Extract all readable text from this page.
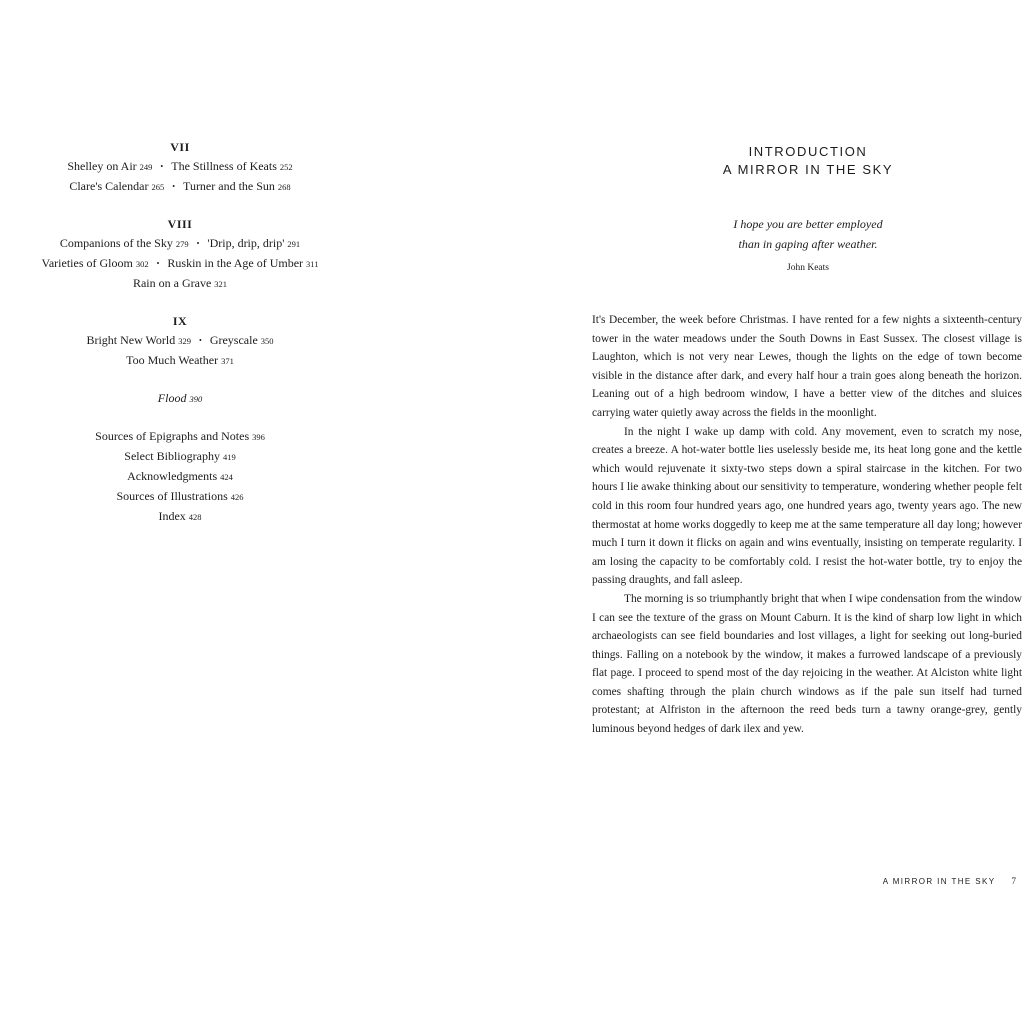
VII
Shelley on Air 249 • The Stillness of Keats 252
Clare's Calendar 265 • Turner and the Sun 268
VIII
Companions of the Sky 279 • 'Drip, drip, drip' 291
Varieties of Gloom 302 • Ruskin in the Age of Umber 311
Rain on a Grave 321
IX
Bright New World 329 • Greyscale 350
Too Much Weather 371
Flood 390
Sources of Epigraphs and Notes 396
Select Bibliography 419
Acknowledgments 424
Sources of Illustrations 426
Index 428
INTRODUCTION
A MIRROR IN THE SKY
I hope you are better employed
than in gaping after weather.
John Keats

It's December, the week before Christmas. I have rented for a few nights a sixteenth-century tower in the water meadows under the South Downs in East Sussex. The closest village is Laughton, which is not very near Lewes, though the lights on the edge of town become visible in the distance after dark, and every half hour a train goes along beneath the horizon. Leaning out of a high bedroom window, I have a better view of the ditches and sluices carrying water quietly away across the fields in the moonlight.

In the night I wake up damp with cold. Any movement, even to scratch my nose, creates a breeze. A hot-water bottle lies uselessly beside me, its heat long gone and the kettle which would rejuvenate it sixty-two steps down a spiral staircase in the kitchen. For two hours I lie awake thinking about our sensitivity to temperature, wondering whether people felt cold in this room four hundred years ago, one hundred years ago, twenty years ago. The new thermostat at home works doggedly to keep me at the same temperature all day long; however much I turn it down it flicks on again and wins eventually, insisting on temperate regularity. I am losing the capacity to be comfortably cold. I resist the hot-water bottle, try to enjoy the passing draughts, and fall asleep.

The morning is so triumphantly bright that when I wipe condensation from the window I can see the texture of the grass on Mount Caburn. It is the kind of sharp low light in which archaeologists can see field boundaries and lost villages, a light for seeking out long-buried things. Falling on a notebook by the window, it makes a furrowed landscape of a previously flat page. I proceed to spend most of the day rejoicing in the weather. At Alciston white light comes shafting through the plain church windows as if the pale sun itself had turned protestant; at Alfriston in the afternoon the reed beds turn a tawny orange-grey, gently luminous beyond hedges of dark ilex and yew.

A MIRROR IN THE SKY 7
